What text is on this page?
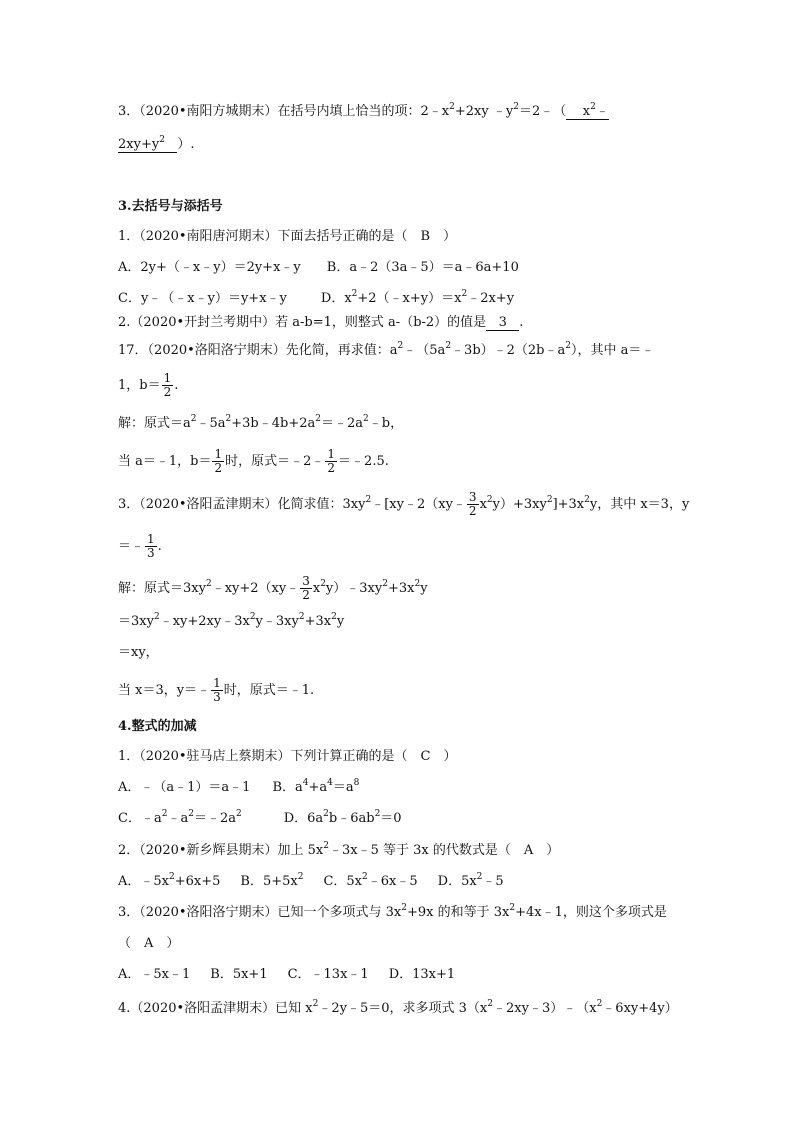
3．（2020•南阳方城期末）在括号内填上恰当的项：$2﹣x^2+2xy$ $﹣y^2=2﹣$（ $x^2﹣$
$2xy+y^2$ ）.
3.去括号与添括号
1．（2020•南阳唐河期末）下面去括号正确的是（　B　）
A．2y+（﹣x﹣y）＝2y+x﹣y B．a﹣2（3a﹣5）＝a﹣6a+10
C．y﹣（﹣x﹣y）＝y+x﹣y	D．$x^2+2(﹣x+y)=x^2﹣2x+y$
2.（2020•开封兰考期中）若 a-b=1，则整式 a-（b-2）的值是 3 .
17．（2020•洛阳洛宁期末）先化简，再求值：$a^2﹣(5a^2﹣3b)﹣2(2b﹣a^2)$，其中 a＝﹣
1，$b= \frac{1}{2}$ .
解：原式$=a^2﹣5a^2+3b﹣4b+2a^2=﹣2a^2﹣b$，
当 a＝﹣1，$b= \frac{1}{2}$ 时，原式＝﹣2﹣ $\frac{1}{2}$ ＝﹣2.5.
3．（2020•洛阳孟津期末）化简求值：$3xy^2﹣[xy﹣2(xy﹣ \frac{3}{2} x^2y)+3xy^2]+3x^2y$，其中 x＝3，y
＝﹣ $\frac{1}{3}$ .
解：原式$=3xy^2﹣xy+2(xy﹣ \frac{3}{2}$ $x^2y)﹣3xy^2+3x^2y$
$=3xy^2﹣xy+2xy﹣3x^2y﹣3xy^2+3x^2y$
＝xy，
当 x＝3，y＝﹣ $\frac{1}{3}$ 时，原式＝﹣1.
4.整式的加减
1．（2020•驻马店上蔡期末）下列计算正确的是（　C　）
A．﹣（a﹣1）＝a﹣1 B．$a^4+a^4=a^8$
C．$﹣a^2﹣a^2=﹣2a^2$	D．$6a^2b﹣6ab^2=0$
2．（2020•新乡辉县期末）加上 $5x^2﹣3x﹣5$ 等于 3x 的代数式是（　A　）
A．$﹣5x^2+6x+5$ B．$5+5x^2$ C．$5x^2﹣6x﹣5$ D．$5x^2﹣5$
3．（2020•洛阳洛宁期末）已知一个多项式与 $3x^2+9x$ 的和等于 $3x^2+4x﹣1$，则这个多项式是
（　A　）
A．﹣5x﹣1 B．5x+1 C．﹣13x﹣1 D．13x+1
4.（2020•洛阳孟津期末）已知 $x^2﹣2y﹣5=0$，求多项式 $3(x^2﹣2xy﹣3)﹣(x^2﹣6xy+4y)$
